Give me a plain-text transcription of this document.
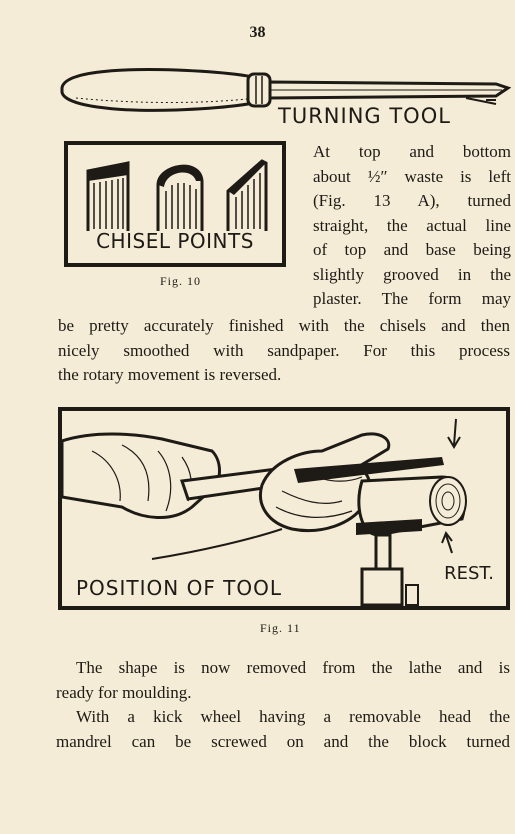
38
TURNING TOOL
CHISEL POINTS
Fig. 10
At top and bottom
about ½″ waste is left
(Fig. 13 A), turned
straight, the actual line
of top and base being
slightly grooved in the
plaster. The form may
be pretty accurately finished with the chisels and then
nicely smoothed with sandpaper. For this process
the rotary movement is reversed.
REST.
POSITION OF TOOL
Fig. 11
The shape is now removed from the lathe and is
ready for moulding.
With a kick wheel having a removable head the
mandrel can be screwed on and the block turned
